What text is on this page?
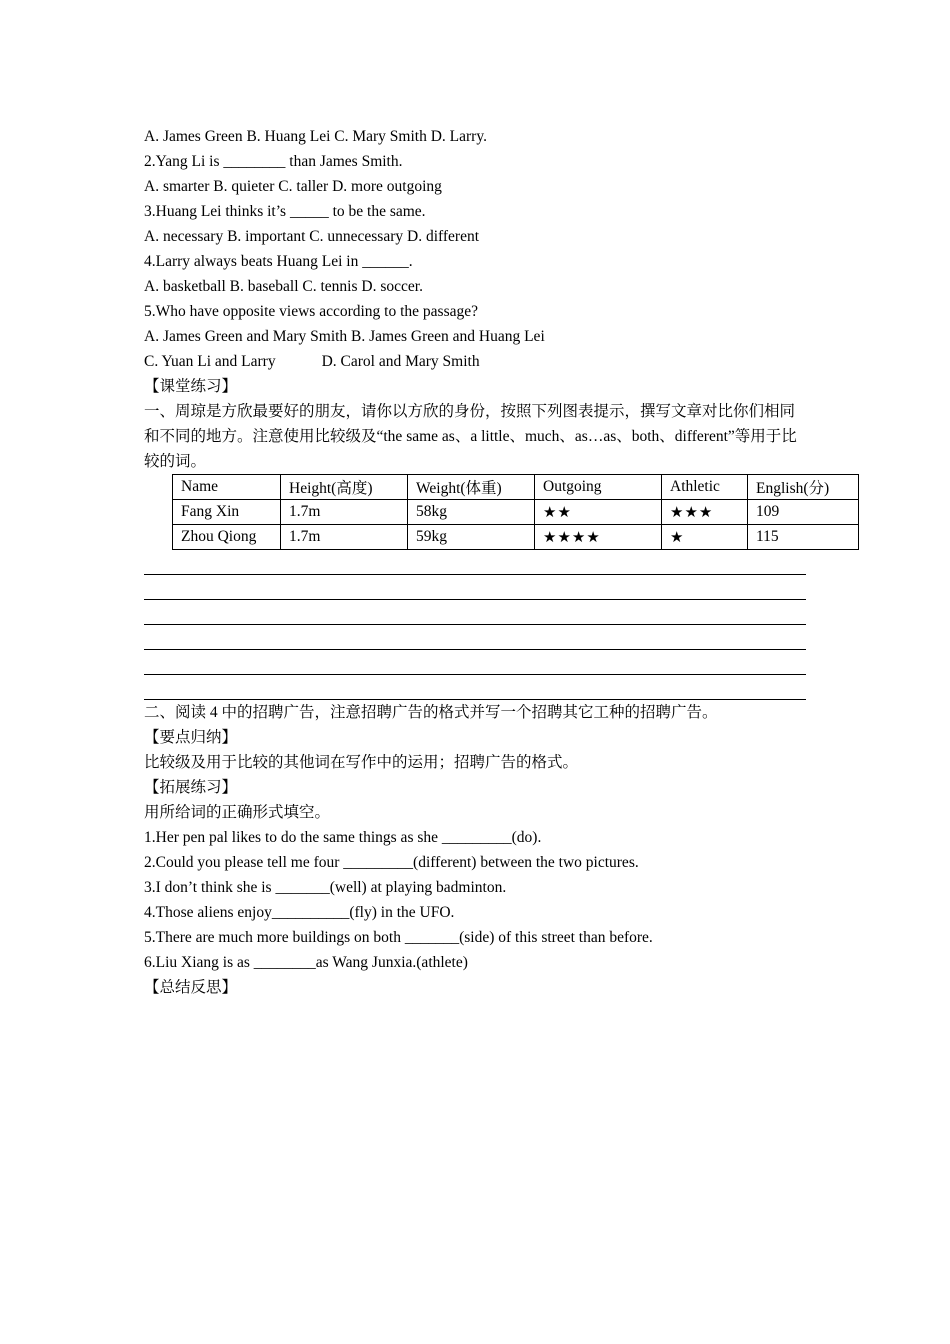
A. James Green B. Huang Lei C. Mary Smith D. Larry.
2.Yang Li is ________ than James Smith.
A. smarter B. quieter C. taller D. more outgoing
3.Huang Lei thinks it’s _____ to be the same.
A. necessary B. important C. unnecessary D. different
4.Larry always beats Huang Lei in ______.
A. basketball B. baseball C. tennis D. soccer.
5.Who have opposite views according to the passage?
A. James Green and Mary Smith B. James Green and Huang Lei
C. Yuan Li and Larry	D. Carol and Mary Smith
【课堂练习】
一、周琼是方欣最要好的朋友，请你以方欣的身份，按照下列图表提示，撰写文章对比你们相同和不同的地方。注意使用比较级及“the same as、a little、much、as…as、both、different”等用于比较的词。
Name	Height(高度)	Weight(体重)	Outgoing	Athletic	English(分)
Fang Xin	1.7m	58kg	★★	★★★	109
Zhou Qiong	1.7m	59kg	★★★★	★	115
二、阅读 4 中的招聘广告，注意招聘广告的格式并写一个招聘其它工种的招聘广告。
【要点归纳】
比较级及用于比较的其他词在写作中的运用；招聘广告的格式。
【拓展练习】
用所给词的正确形式填空。
1.Her pen pal likes to do the same things as she _________(do).
2.Could you please tell me four _________(different) between the two pictures.
3.I don’t think she is _______(well) at playing badminton.
4.Those aliens enjoy__________(fly) in the UFO.
5.There are much more buildings on both _______(side) of this street than before.
6.Liu Xiang is as ________as Wang Junxia.(athlete)
【总结反思】
